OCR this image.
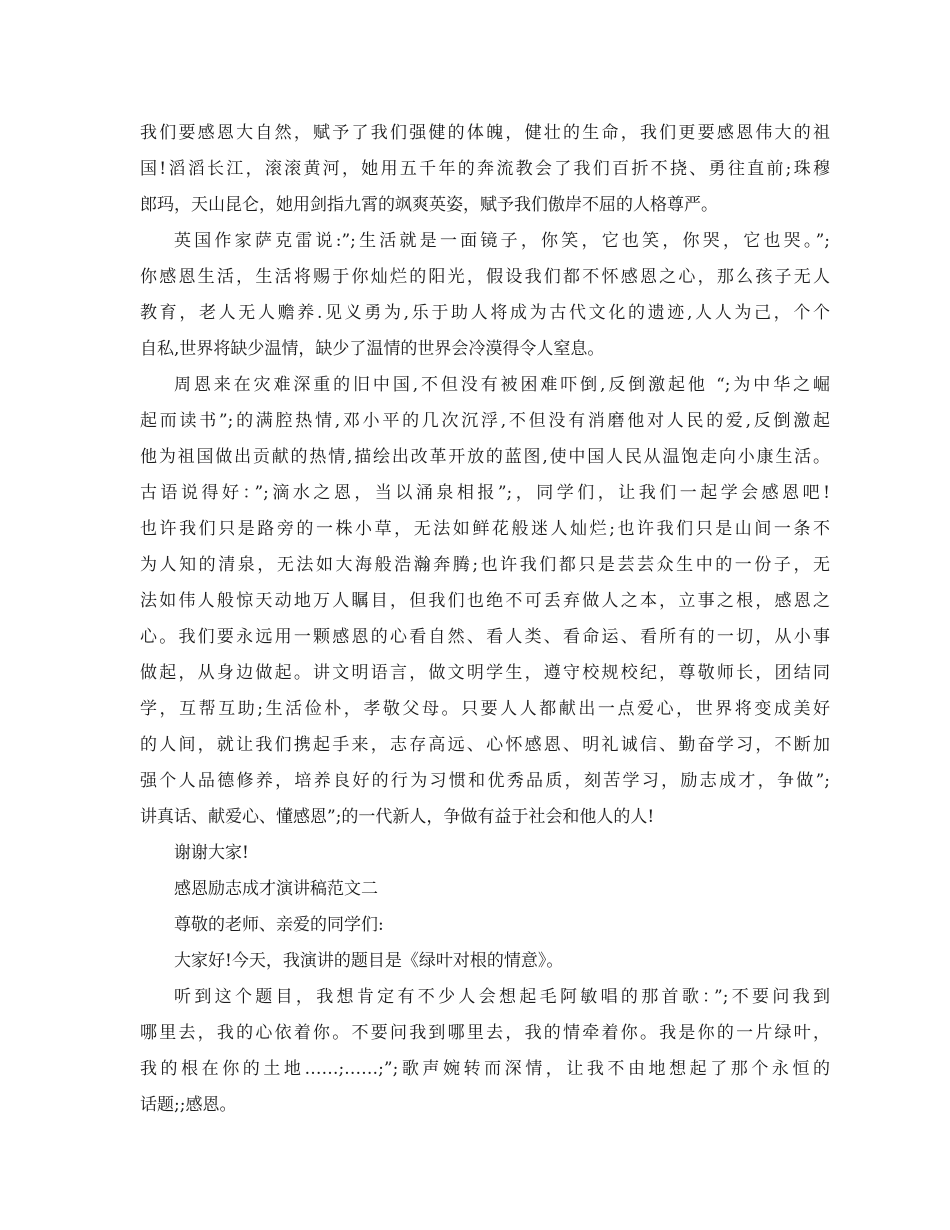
我们要感恩大自然，赋予了我们强健的体魄，健壮的生命，我们更要感恩伟大的祖
国!滔滔长江，滚滚黄河，她用五千年的奔流教会了我们百折不挠、勇往直前;珠穆
郎玛，天山昆仑，她用剑指九霄的飒爽英姿，赋予我们傲岸不屈的人格尊严。
英国作家萨克雷说:”;生活就是一面镜子，你笑，它也笑，你哭，它也哭。”;
你感恩生活，生活将赐于你灿烂的阳光，假设我们都不怀感恩之心，那么孩子无人
教育，老人无人赡养.见义勇为,乐于助人将成为古代文化的遗迹,人人为己，个个
自私,世界将缺少温情，缺少了温情的世界会冷漠得令人窒息。
周恩来在灾难深重的旧中国,不但没有被困难吓倒,反倒激起他 “;为中华之崛
起而读书”;的满腔热情,邓小平的几次沉浮,不但没有消磨他对人民的爱,反倒激起
他为祖国做出贡献的热情,描绘出改革开放的蓝图,使中国人民从温饱走向小康生活。
古语说得好：”;滴水之恩，当以涌泉相报”;，同学们，让我们一起学会感恩吧!
也许我们只是路旁的一株小草，无法如鲜花般迷人灿烂;也许我们只是山间一条不
为人知的清泉，无法如大海般浩瀚奔腾;也许我们都只是芸芸众生中的一份子，无
法如伟人般惊天动地万人瞩目，但我们也绝不可丢弃做人之本，立事之根，感恩之
心。我们要永远用一颗感恩的心看自然、看人类、看命运、看所有的一切，从小事
做起，从身边做起。讲文明语言，做文明学生，遵守校规校纪，尊敬师长，团结同
学，互帮互助;生活俭朴，孝敬父母。只要人人都献出一点爱心，世界将变成美好
的人间，就让我们携起手来，志存高远、心怀感恩、明礼诚信、勤奋学习，不断加
强个人品德修养，培养良好的行为习惯和优秀品质，刻苦学习，励志成才，争做”;
讲真话、献爱心、懂感恩”;的一代新人，争做有益于社会和他人的人!
谢谢大家!
感恩励志成才演讲稿范文二
尊敬的老师、亲爱的同学们:
大家好!今天，我演讲的题目是《绿叶对根的情意》。
听到这个题目，我想肯定有不少人会想起毛阿敏唱的那首歌：”;不要问我到
哪里去，我的心依着你。不要问我到哪里去，我的情牵着你。我是你的一片绿叶，
我的根在你的土地……;……;”;歌声婉转而深情，让我不由地想起了那个永恒的
话题;;感恩。
